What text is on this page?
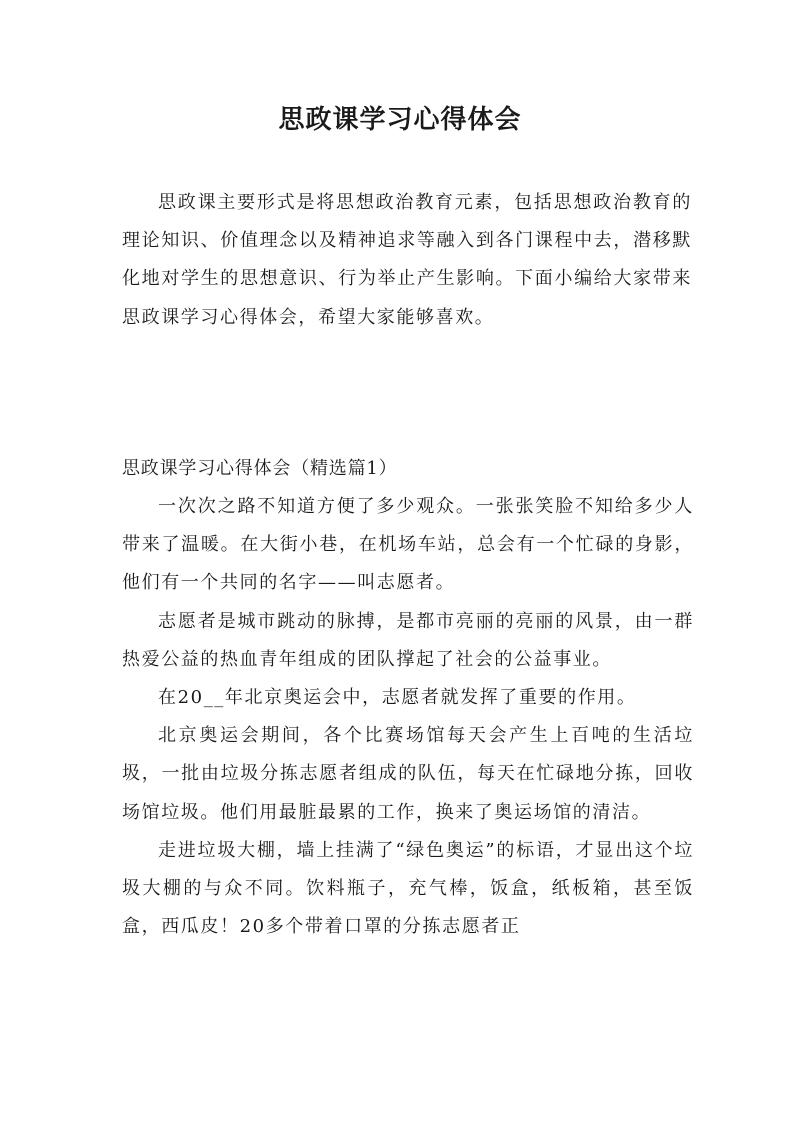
思政课学习心得体会

思政课主要形式是将思想政治教育元素，包括思想政治教育的理论知识、价值理念以及精神追求等融入到各门课程中去，潜移默化地对学生的思想意识、行为举止产生影响。下面小编给大家带来思政课学习心得体会，希望大家能够喜欢。

思政课学习心得体会（精选篇1）

一次次之路不知道方便了多少观众。一张张笑脸不知给多少人带来了温暖。在大街小巷，在机场车站，总会有一个忙碌的身影，他们有一个共同的名字——叫志愿者。

志愿者是城市跳动的脉搏，是都市亮丽的亮丽的风景，由一群热爱公益的热血青年组成的团队撑起了社会的公益事业。

在20__年北京奥运会中，志愿者就发挥了重要的作用。

北京奥运会期间，各个比赛场馆每天会产生上百吨的生活垃圾，一批由垃圾分拣志愿者组成的队伍，每天在忙碌地分拣，回收场馆垃圾。他们用最脏最累的工作，换来了奥运场馆的清洁。

走进垃圾大棚，墙上挂满了“绿色奥运”的标语，才显出这个垃圾大棚的与众不同。饮料瓶子，充气棒，饭盒，纸板箱，甚至饭盒，西瓜皮！20多个带着口罩的分拣志愿者正
